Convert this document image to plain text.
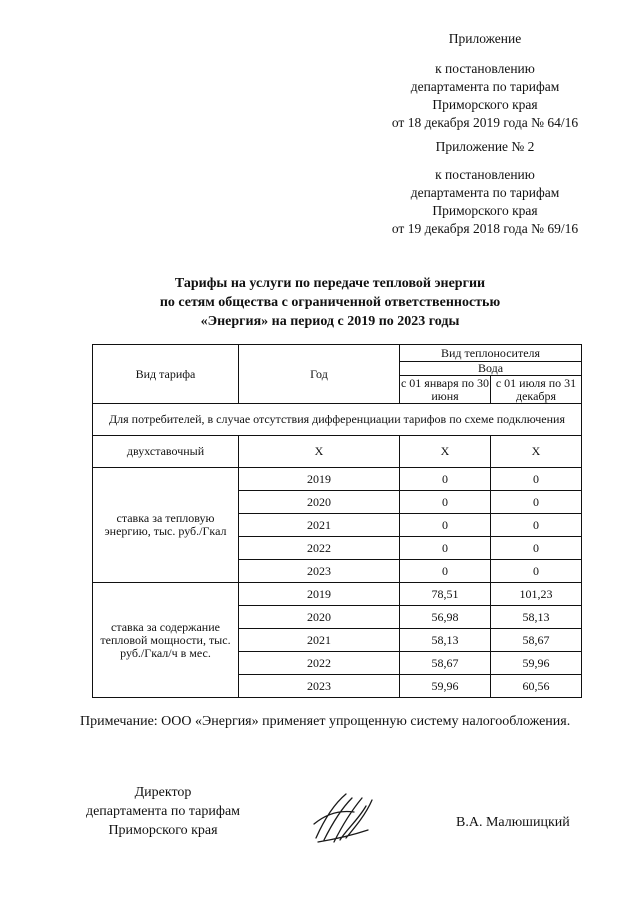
Приложение
к постановлению
департамента по тарифам
Приморского края
от 18 декабря 2019 года № 64/16
Приложение № 2
к постановлению
департамента по тарифам
Приморского края
от 19 декабря 2018 года № 69/16
Тарифы на услуги по передаче тепловой энергии
по сетям общества с ограниченной ответственностью
«Энергия» на период с 2019 по 2023 годы
Вид тарифа	Год	Вид теплоносителя	
		Вода	
		с 01 января по 30 июня	с 01 июля по 31 декабря
Для потребителей, в случае отсутствия дифференциации тарифов по схеме подключения			
двухставочный	Х	Х	Х
ставка за тепловую энергию, тыс. руб./Гкал	2019	0	0
	2020	0	0
	2021	0	0
	2022	0	0
	2023	0	0
ставка за содержание тепловой мощности, тыс. руб./Гкал/ч в мес.	2019	78,51	101,23
	2020	56,98	58,13
	2021	58,13	58,67
	2022	58,67	59,96
	2023	59,96	60,56
Примечание: ООО «Энергия» применяет упрощенную систему налогообложения.
Директор
департамента по тарифам
Приморского края
В.А. Малюшицкий
